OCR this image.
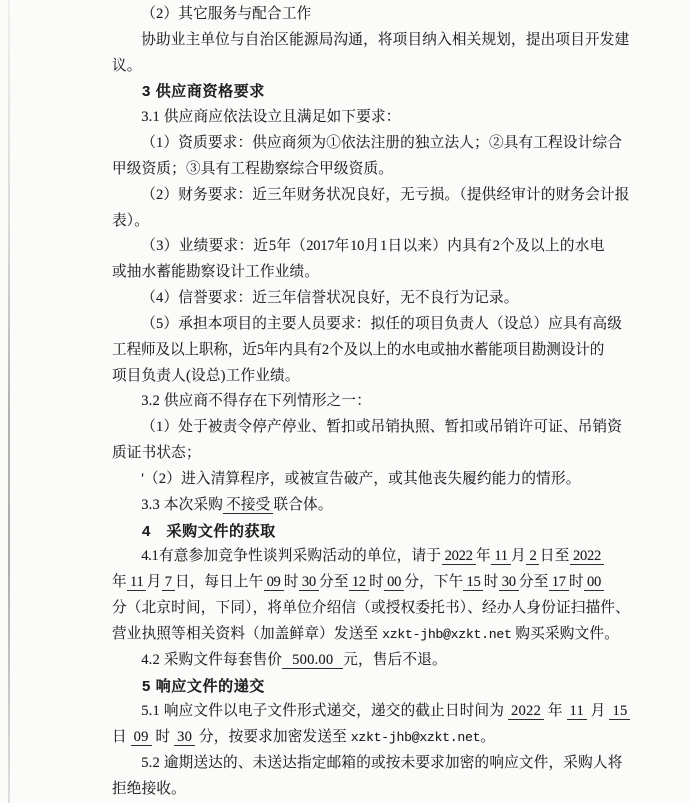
（2）其它服务与配合工作
协助业主单位与自治区能源局沟通，将项目纳入相关规划，提出项目开发建
议。
3 供应商资格要求
3.1 供应商应依法设立且满足如下要求：
（1）资质要求：供应商须为①依法注册的独立法人；②具有工程设计综合
甲级资质；③具有工程勘察综合甲级资质。
（2）财务要求：近三年财务状况良好，无亏损。（提供经审计的财务会计报
表）。
（3）业绩要求：近 5 年（2017 年 10 月 1 日以来）内具有 2 个及以上的水电
或抽水蓄能勘察设计工作业绩。
（4）信誉要求：近三年信誉状况良好，无不良行为记录。
（5）承担本项目的主要人员要求：拟任的项目负责人（设总）应具有高级
工程师及以上职称，近 5 年内具有 2 个及以上的水电或抽水蓄能项目勘测设计的
项目负责人(设总)工作业绩。
3.2 供应商不得存在下列情形之一：
（1）处于被责令停产停业、暂扣或吊销执照、暂扣或吊销许可证、吊销资
质证书状态；
'（2）进入清算程序，或被宣告破产，或其他丧失履约能力的情形。
3.3 本次采购 不接受 联合体。
4　采购文件的获取
4.1 有意参加竞争性谈判采购活动的单位，请于 2022 年 11 月 2 日至 2022
年 11 月 7 日，每日上午 09 时 30 分至 12 时 00 分，下午 15 时 30 分至 17 时 00
分（北京时间，下同），将单位介绍信（或授权委托书）、经办人身份证扫描件、
营业执照等相关资料（加盖鲜章）发送至 xzkt-jhb@xzkt.net 购买采购文件。
4.2 采购文件每套售价 500.00 元，售后不退。
5 响应文件的递交
5.1 响应文件以电子文件形式递交，递交的截止日时间为 2022 年 11 月 15
日 09 时 30 分，按要求加密发送至 xzkt-jhb@xzkt.net。
5.2 逾期送达的、未送达指定邮箱的或按未要求加密的响应文件，采购人将
拒绝接收。
